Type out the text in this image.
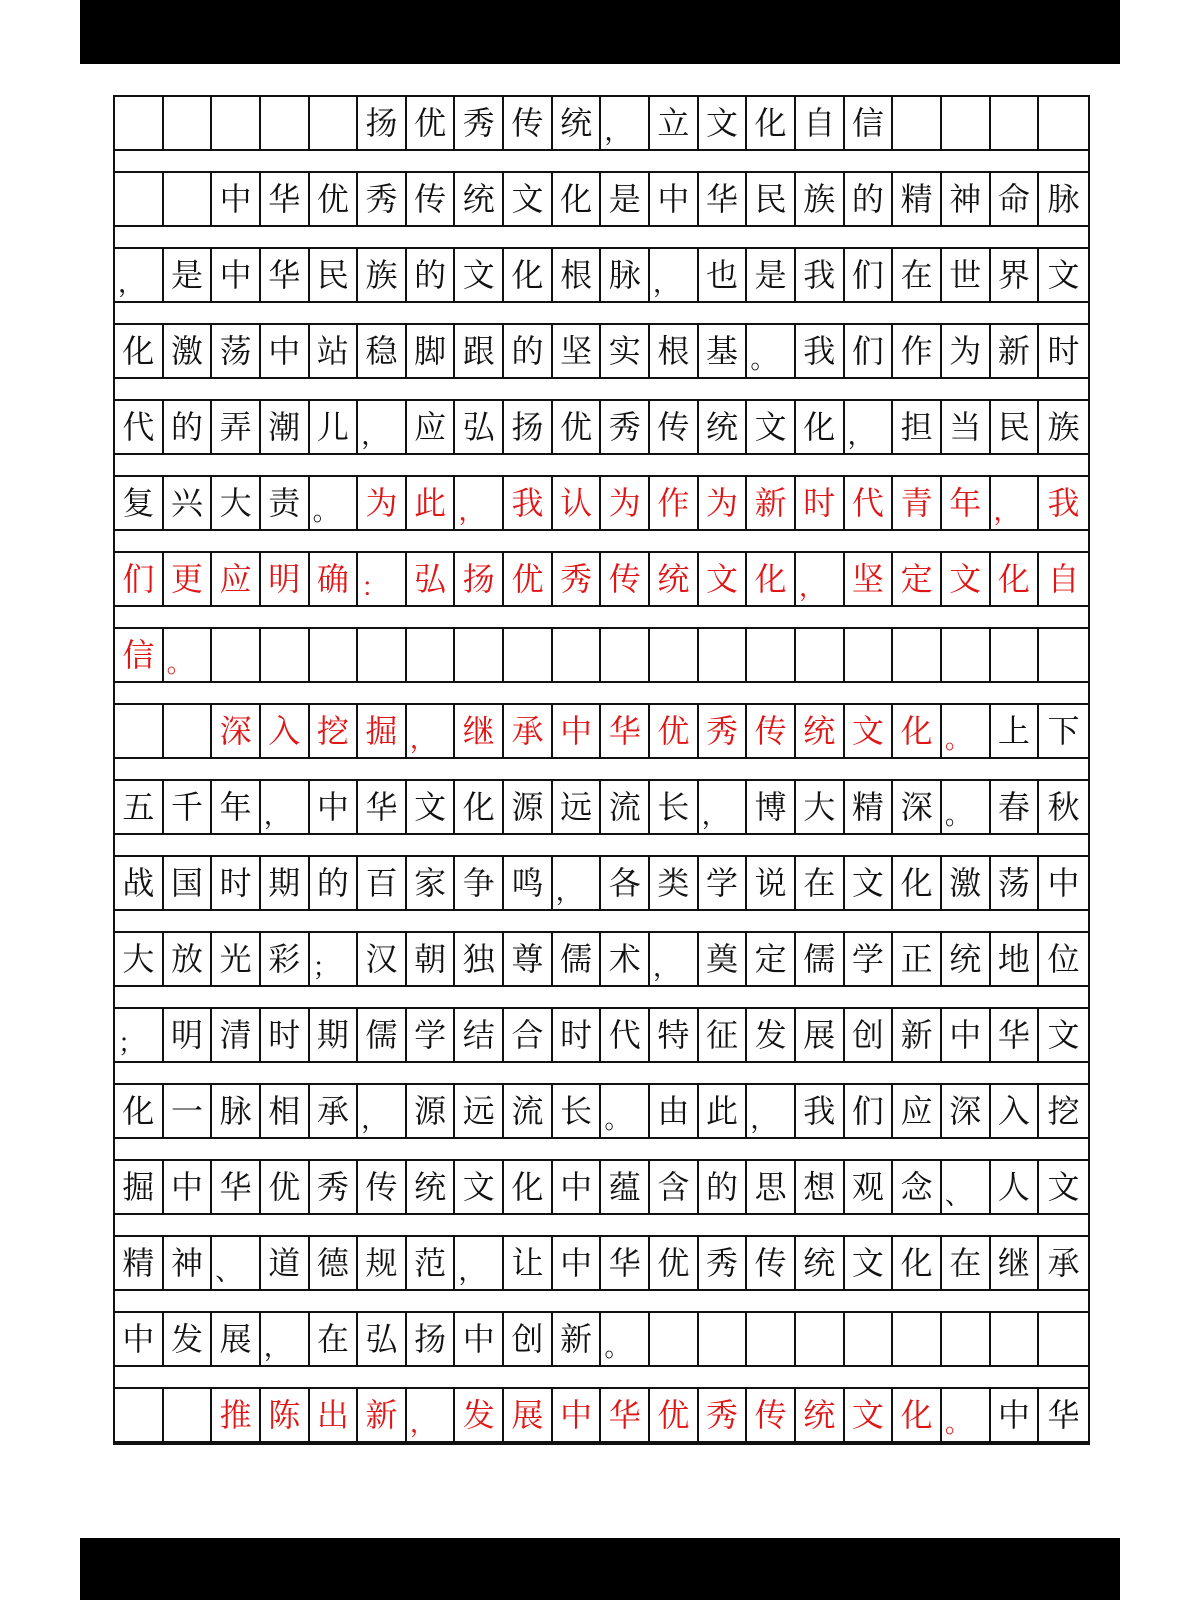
扬 优 秀 传 统 ， 立 文 化 自 信
中 华 优 秀 传 统 文 化 是 中 华 民 族 的 精 神 命 脉
， 是 中 华 民 族 的 文 化 根 脉 ， 也 是 我 们 在 世 界 文
化 激 荡 中 站 稳 脚 跟 的 坚 实 根 基 。 我 们 作 为 新 时
代 的 弄 潮 儿 ， 应 弘 扬 优 秀 传 统 文 化 ， 担 当 民 族
复 兴 大 责 。 为 此 ， 我 认 为 作 为 新 时 代 青 年 ， 我
们 更 应 明 确 ： 弘 扬 优 秀 传 统 文 化 ， 坚 定 文 化 自
信 。
深 入 挖 掘 ， 继 承 中 华 优 秀 传 统 文 化 。 上 下
五 千 年 ， 中 华 文 化 源 远 流 长 ， 博 大 精 深 。 春 秋
战 国 时 期 的 百 家 争 鸣 ， 各 类 学 说 在 文 化 激 荡 中
大 放 光 彩 ； 汉 朝 独 尊 儒 术 ， 奠 定 儒 学 正 统 地 位
； 明 清 时 期 儒 学 结 合 时 代 特 征 发 展 创 新 中 华 文
化 一 脉 相 承 ， 源 远 流 长 。 由 此 ， 我 们 应 深 入 挖
掘 中 华 优 秀 传 统 文 化 中 蕴 含 的 思 想 观 念 、 人 文
精 神 、 道 德 规 范 ， 让 中 华 优 秀 传 统 文 化 在 继 承
中 发 展 ， 在 弘 扬 中 创 新 。
推 陈 出 新 ， 发 展 中 华 优 秀 传 统 文 化 。 中 华
